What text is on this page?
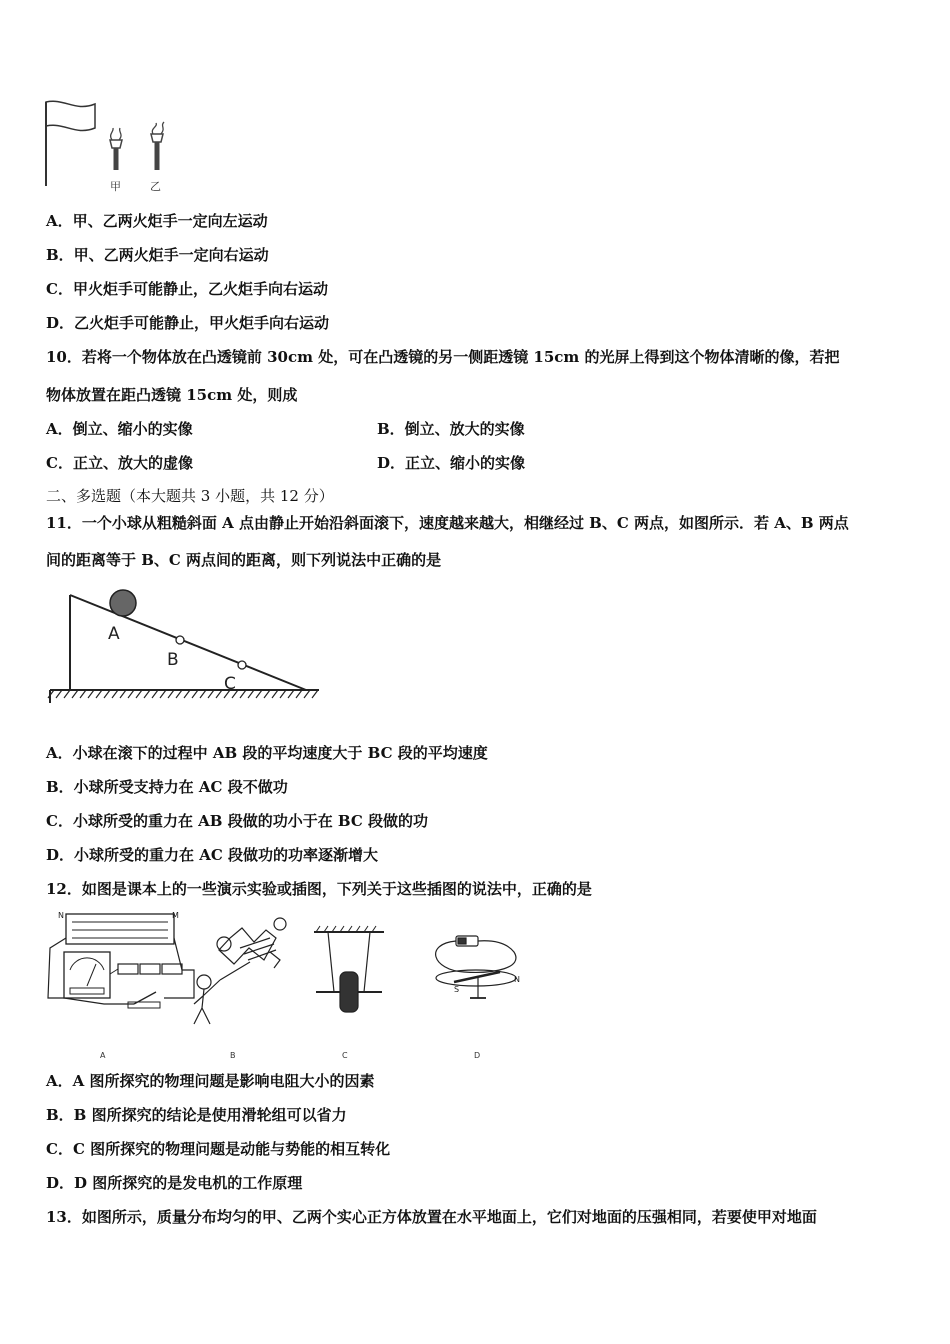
甲	乙
A．甲、乙两火炬手一定向左运动
B．甲、乙两火炬手一定向右运动
C．甲火炬手可能静止，乙火炬手向右运动
D．乙火炬手可能静止，甲火炬手向右运动
10．若将一个物体放在凸透镜前 30cm 处，可在凸透镜的另一侧距透镜 15cm 的光屏上得到这个物体清晰的像，若把
物体放置在距凸透镜 15cm 处，则成
A．倒立、缩小的实像	B．倒立、放大的实像
C．正立、放大的虚像	D．正立、缩小的实像
二、多选题（本大题共 3 小题，共 12 分）
11．一个小球从粗糙斜面 A 点由静止开始沿斜面滚下，速度越来越大，相继经过 B、C 两点，如图所示．若 A、B 两点
间的距离等于 B、C 两点间的距离，则下列说法中正确的是
A
B
C
A．小球在滚下的过程中 AB 段的平均速度大于 BC 段的平均速度
B．小球所受支持力在 AC 段不做功
C．小球所受的重力在 AB 段做的功小于在 BC 段做的功
D．小球所受的重力在 AC 段做功的功率逐渐增大
12．如图是课本上的一些演示实验或插图，下列关于这些插图的说法中，正确的是
N	M
S
N
A	B	C	D
A．A 图所探究的物理问题是影响电阻大小的因素
B．B 图所探究的结论是使用滑轮组可以省力
C．C 图所探究的物理问题是动能与势能的相互转化
D．D 图所探究的是发电机的工作原理
13．如图所示，质量分布均匀的甲、乙两个实心正方体放置在水平地面上，它们对地面的压强相同，若要使甲对地面
